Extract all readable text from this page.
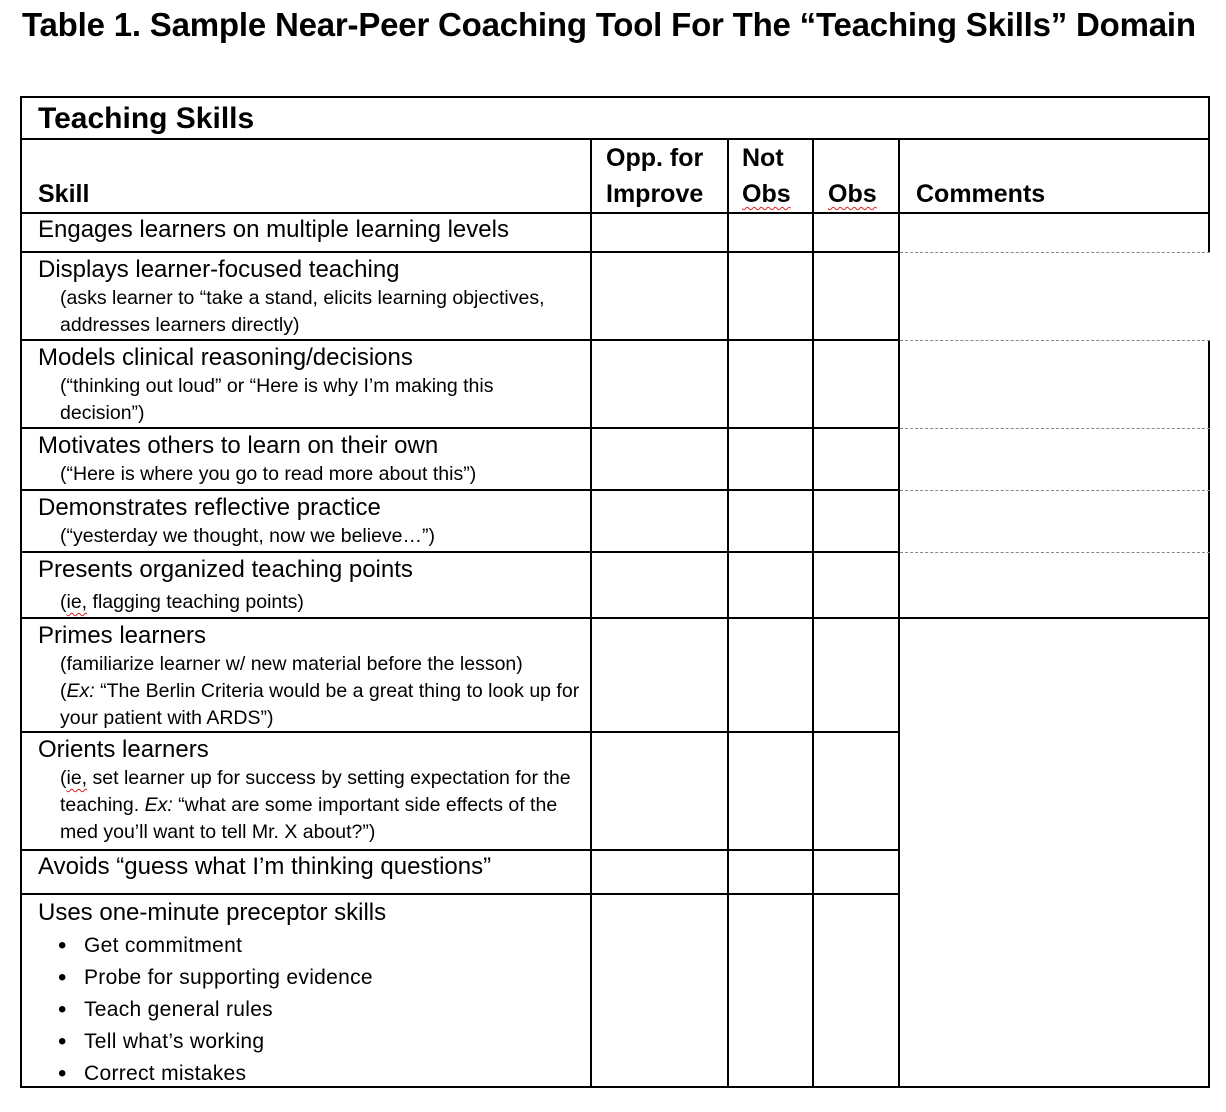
Table 1. Sample Near-Peer Coaching Tool For The “Teaching Skills” Domain
Teaching Skills
Skill
Opp. for
Improve
Not
Obs Obs Comments
Engages learners on multiple learning levels
Displays learner-focused teaching
(asks learner to “take a stand, elicits learning objectives, addresses learners directly)
Models clinical reasoning/decisions
(“thinking out loud” or “Here is why I’m making this decision”)
Motivates others to learn on their own
(“Here is where you go to read more about this”)
Demonstrates reflective practice
(“yesterday we thought, now we believe…”)
Presents organized teaching points
(ie, flagging teaching points)
Primes learners
(familiarize learner w/ new material before the lesson)
(Ex: “The Berlin Criteria would be a great thing to look up for your patient with ARDS”)
Orients learners
(ie, set learner up for success by setting expectation for the teaching. Ex: “what are some important side effects of the med you’ll want to tell Mr. X about?”)
Avoids “guess what I’m thinking questions”
Uses one-minute preceptor skills
• Get commitment
• Probe for supporting evidence
• Teach general rules
• Tell what’s working
• Correct mistakes
